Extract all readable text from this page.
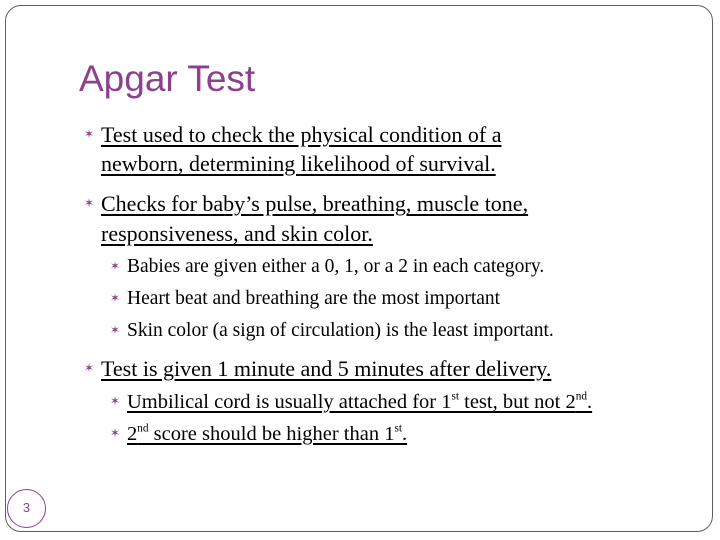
Apgar Test
✶ Test used to check the physical condition of a
newborn, determining likelihood of survival.
✶ Checks for baby’s pulse, breathing, muscle tone,
responsiveness, and skin color.
✶ Babies are given either a 0, 1, or a 2 in each category.
✶ Heart beat and breathing are the most important
✶ Skin color (a sign of circulation) is the least important.
✶ Test is given 1 minute and 5 minutes after delivery.
✶ Umbilical cord is usually attached for 1st test, but not 2nd.
✶ 2nd score should be higher than 1st.
3
